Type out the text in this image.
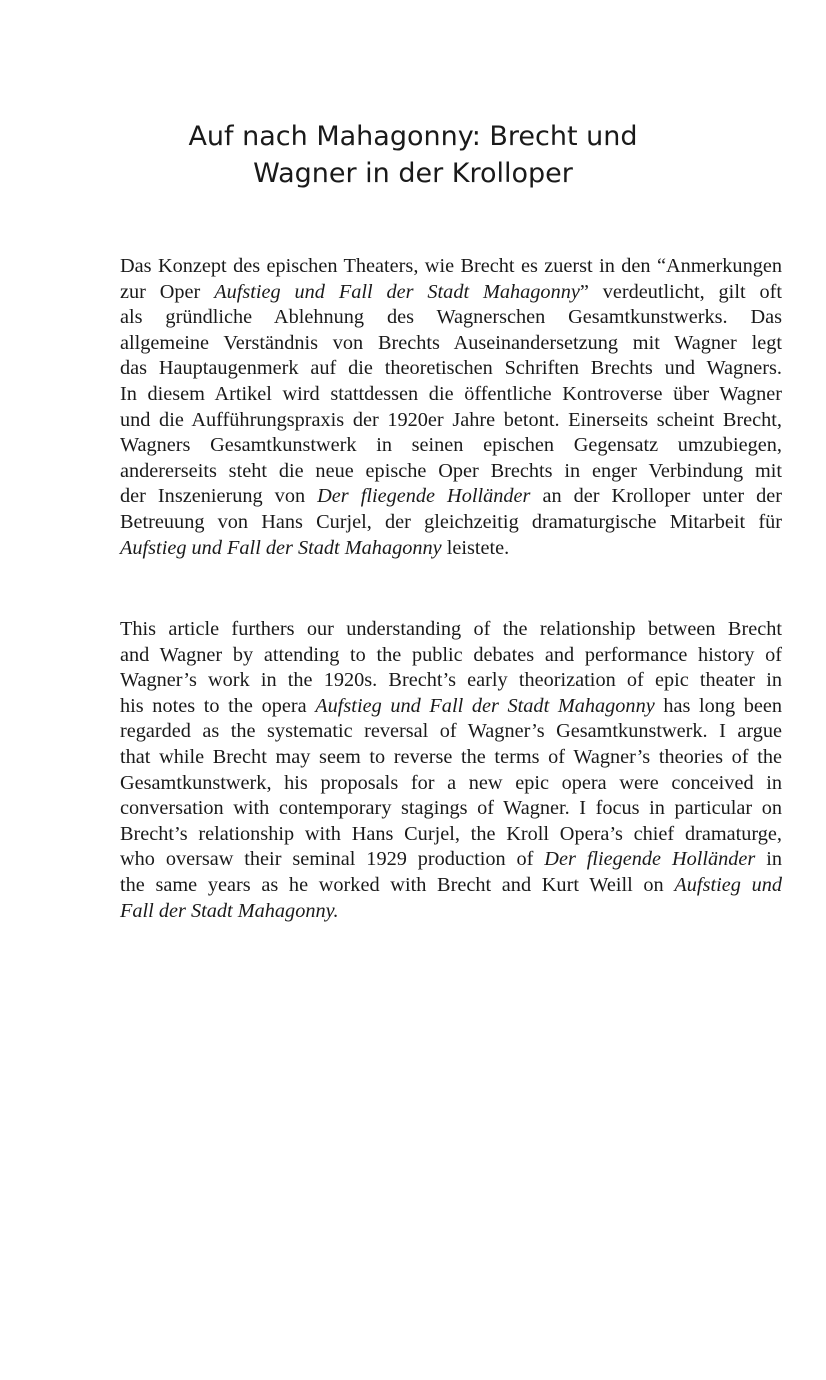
Auf nach Mahagonny: Brecht und
Wagner in der Krolloper

Das Konzept des epischen Theaters, wie Brecht es zuerst in den “Anmerkungen
zur Oper Aufstieg und Fall der Stadt Mahagonny” verdeutlicht, gilt oft
als gründliche Ablehnung des Wagnerschen Gesamtkunstwerks. Das
allgemeine Verständnis von Brechts Auseinandersetzung mit Wagner legt
das Hauptaugenmerk auf die theoretischen Schriften Brechts und Wagners.
In diesem Artikel wird stattdessen die öffentliche Kontroverse über Wagner
und die Aufführungspraxis der 1920er Jahre betont. Einerseits scheint Brecht,
Wagners Gesamtkunstwerk in seinen epischen Gegensatz umzubiegen,
andererseits steht die neue epische Oper Brechts in enger Verbindung mit
der Inszenierung von Der fliegende Holländer an der Krolloper unter der
Betreuung von Hans Curjel, der gleichzeitig dramaturgische Mitarbeit für
Aufstieg und Fall der Stadt Mahagonny leistete.

This article furthers our understanding of the relationship between Brecht
and Wagner by attending to the public debates and performance history of
Wagner’s work in the 1920s. Brecht’s early theorization of epic theater in
his notes to the opera Aufstieg und Fall der Stadt Mahagonny has long been
regarded as the systematic reversal of Wagner’s Gesamtkunstwerk. I argue
that while Brecht may seem to reverse the terms of Wagner’s theories of the
Gesamtkunstwerk, his proposals for a new epic opera were conceived in
conversation with contemporary stagings of Wagner. I focus in particular on
Brecht’s relationship with Hans Curjel, the Kroll Opera’s chief dramaturge,
who oversaw their seminal 1929 production of Der fliegende Holländer in
the same years as he worked with Brecht and Kurt Weill on Aufstieg und
Fall der Stadt Mahagonny.
